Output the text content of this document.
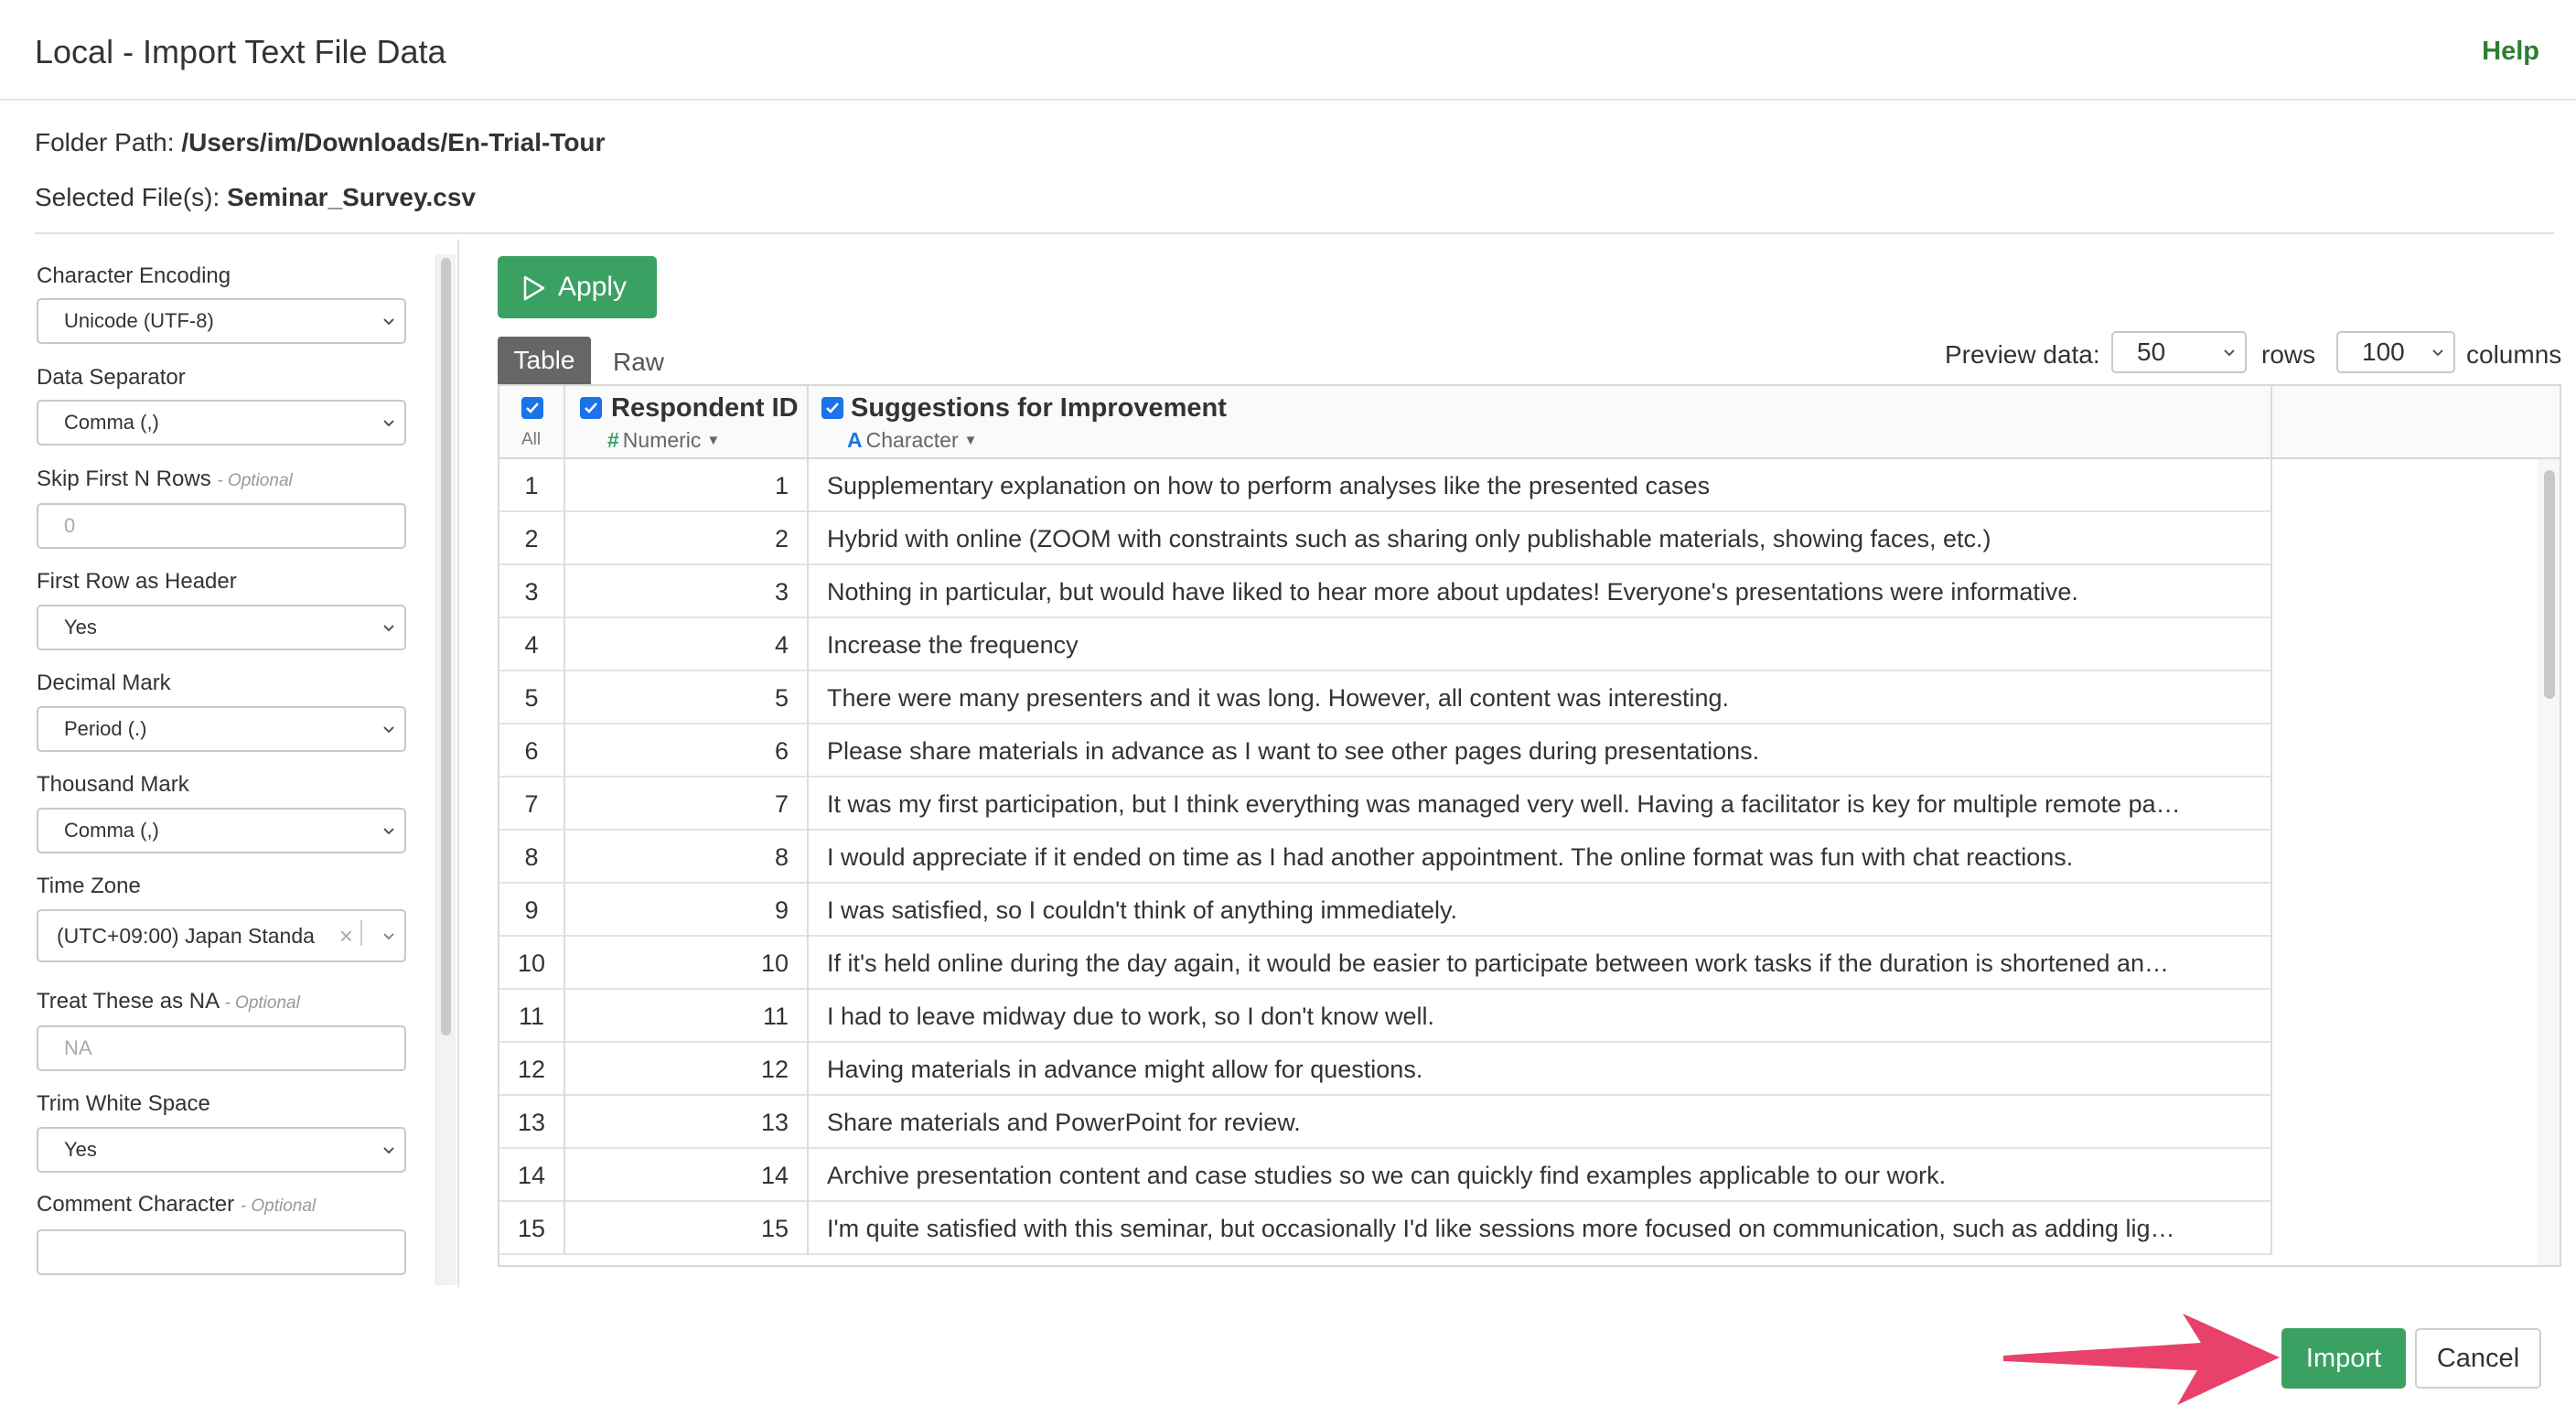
Local - Import Text File Data	Help
Folder Path: /Users/im/Downloads/En-Trial-Tour
Selected File(s): Seminar_Survey.csv
Character Encoding
Unicode (UTF-8)
Data Separator
Comma (,)
Skip First N Rows - Optional
0
First Row as Header
Yes
Decimal Mark
Period (.)
Thousand Mark
Comma (,)
Time Zone
(UTC+09:00) Japan Standa ×
Treat These as NA - Optional
NA
Trim White Space
Yes
Comment Character - Optional
Apply
Table	Raw	Preview data:	50	rows	100	columns
All
Respondent ID
# Numeric ▼
Suggestions for Improvement
A Character ▼
1	1	Supplementary explanation on how to perform analyses like the presented cases
2	2	Hybrid with online (ZOOM with constraints such as sharing only publishable materials, showing faces, etc.)
3	3	Nothing in particular, but would have liked to hear more about updates! Everyone's presentations were informative.
4	4	Increase the frequency
5	5	There were many presenters and it was long. However, all content was interesting.
6	6	Please share materials in advance as I want to see other pages during presentations.
7	7	It was my first participation, but I think everything was managed very well. Having a facilitator is key for multiple remote pa…
8	8	I would appreciate if it ended on time as I had another appointment. The online format was fun with chat reactions.
9	9	I was satisfied, so I couldn't think of anything immediately.
10	10	If it's held online during the day again, it would be easier to participate between work tasks if the duration is shortened an…
11	11	I had to leave midway due to work, so I don't know well.
12	12	Having materials in advance might allow for questions.
13	13	Share materials and PowerPoint for review.
14	14	Archive presentation content and case studies so we can quickly find examples applicable to our work.
15	15	I'm quite satisfied with this seminar, but occasionally I'd like sessions more focused on communication, such as adding lig…
Import	Cancel
